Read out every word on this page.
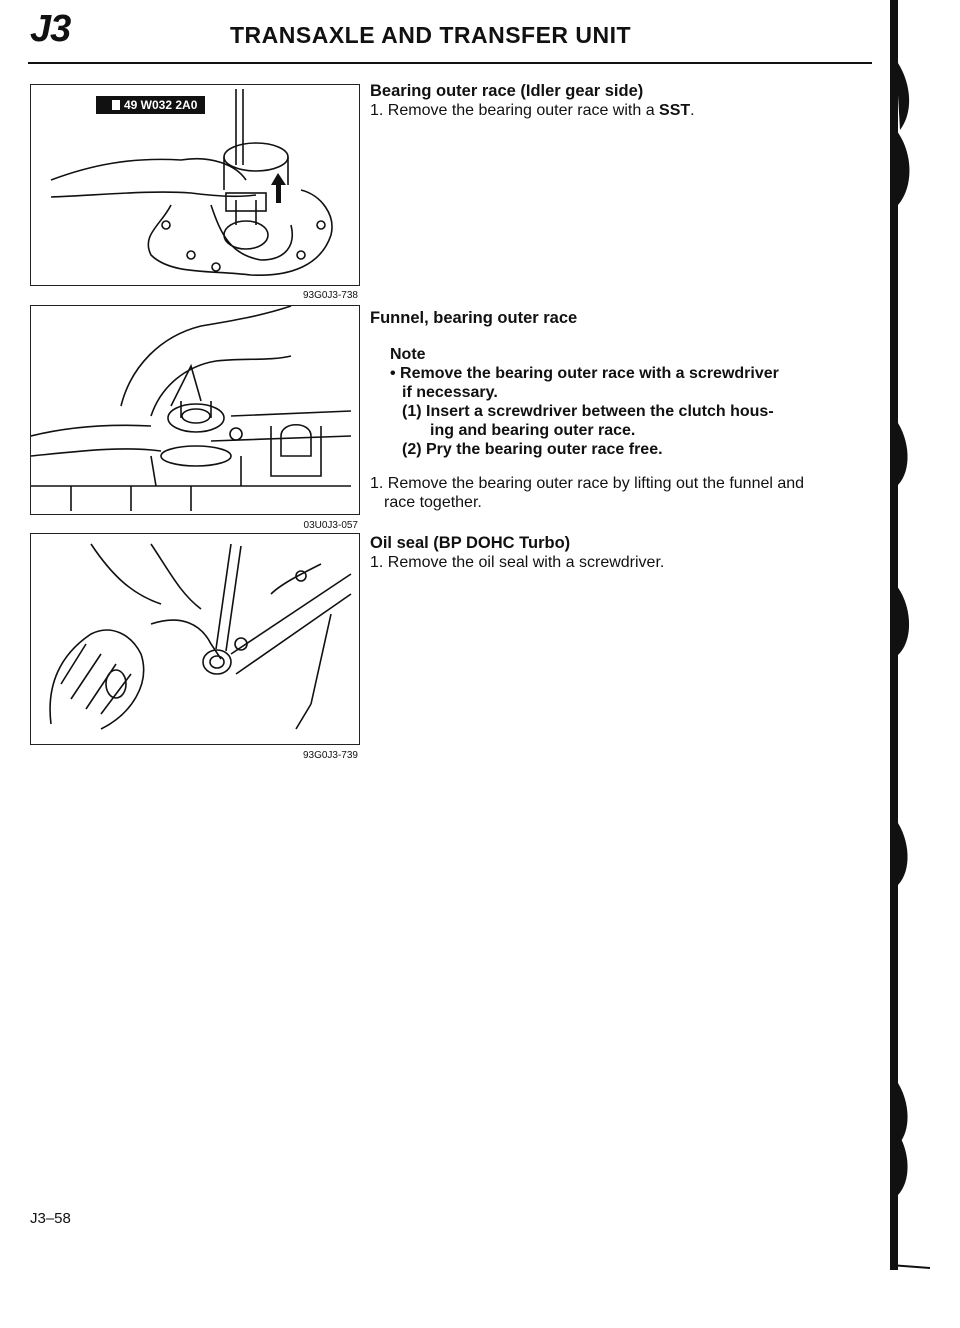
J3	TRANSAXLE AND TRANSFER UNIT
49 W032 2A0
93G0J3-738
03U0J3-057
93G0J3-739
Bearing outer race (Idler gear side)

1. Remove the bearing outer race with a SST.

Funnel, bearing outer race
Note
• Remove the bearing outer race with a screwdriver
if necessary.
(1) Insert a screwdriver between the clutch hous-
ing and bearing outer race.
(2) Pry the bearing outer race free.
1. Remove the bearing outer race by lifting out the funnel and
race together.
Oil seal (BP DOHC Turbo)
1. Remove the oil seal with a screwdriver.
J3–58
